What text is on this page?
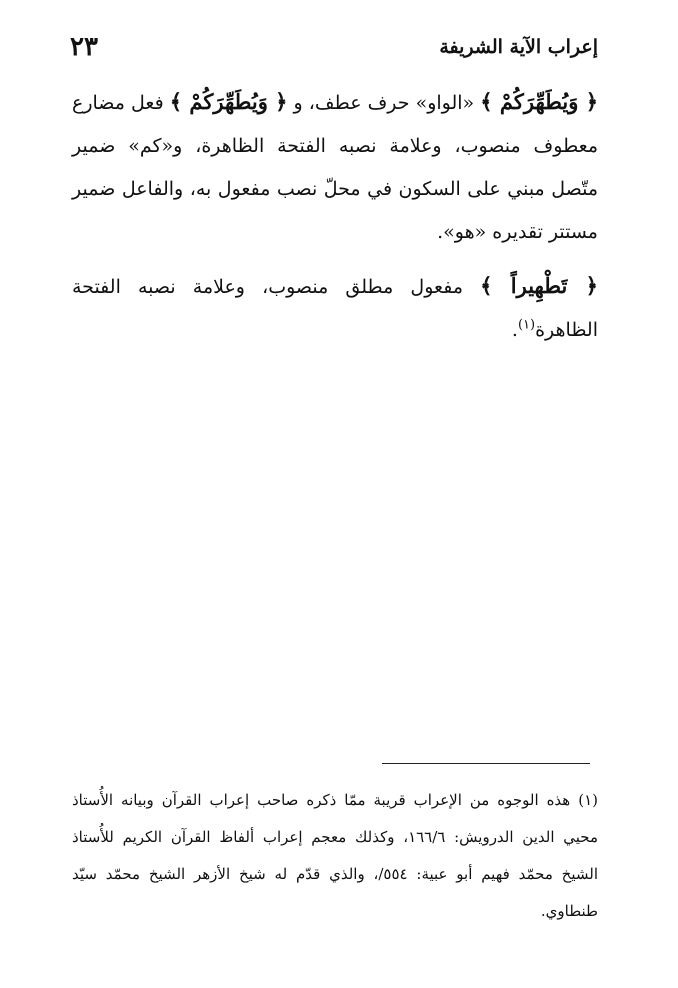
٢٣	إعراب الآية الشريفة

﴿ وَيُطَهِّرَكُمْ ﴾ «الواو» حرف عطف، و ﴿ وَيُطَهِّرَكُمْ ﴾ فعل مضارع معطوف منصوب، وعلامة نصبه الفتحة الظاهرة، و«كم» ضمير متّصل مبني على السكون في محلّ نصب مفعول به، والفاعل ضمير مستتر تقديره «هو».

﴿ تَطْهِيراً ﴾ مفعول مطلق منصوب، وعلامة نصبه الفتحة الظاهرة$^{(١)}$.

(١)هذه الوجوه من الإعراب قريبة ممّا ذكره صاحب إعراب القرآن وبيانه الأُستاذ محيي الدين الدرويش: ١٦٦/٦، وكذلك معجم إعراب ألفاظ القرآن الكريم للأُستاذ الشيخ محمّد فهيم أبو عبية: ٥٥٤/، والذي قدّم له شيخ الأزهر الشيخ محمّد سيّد طنطاوي.
